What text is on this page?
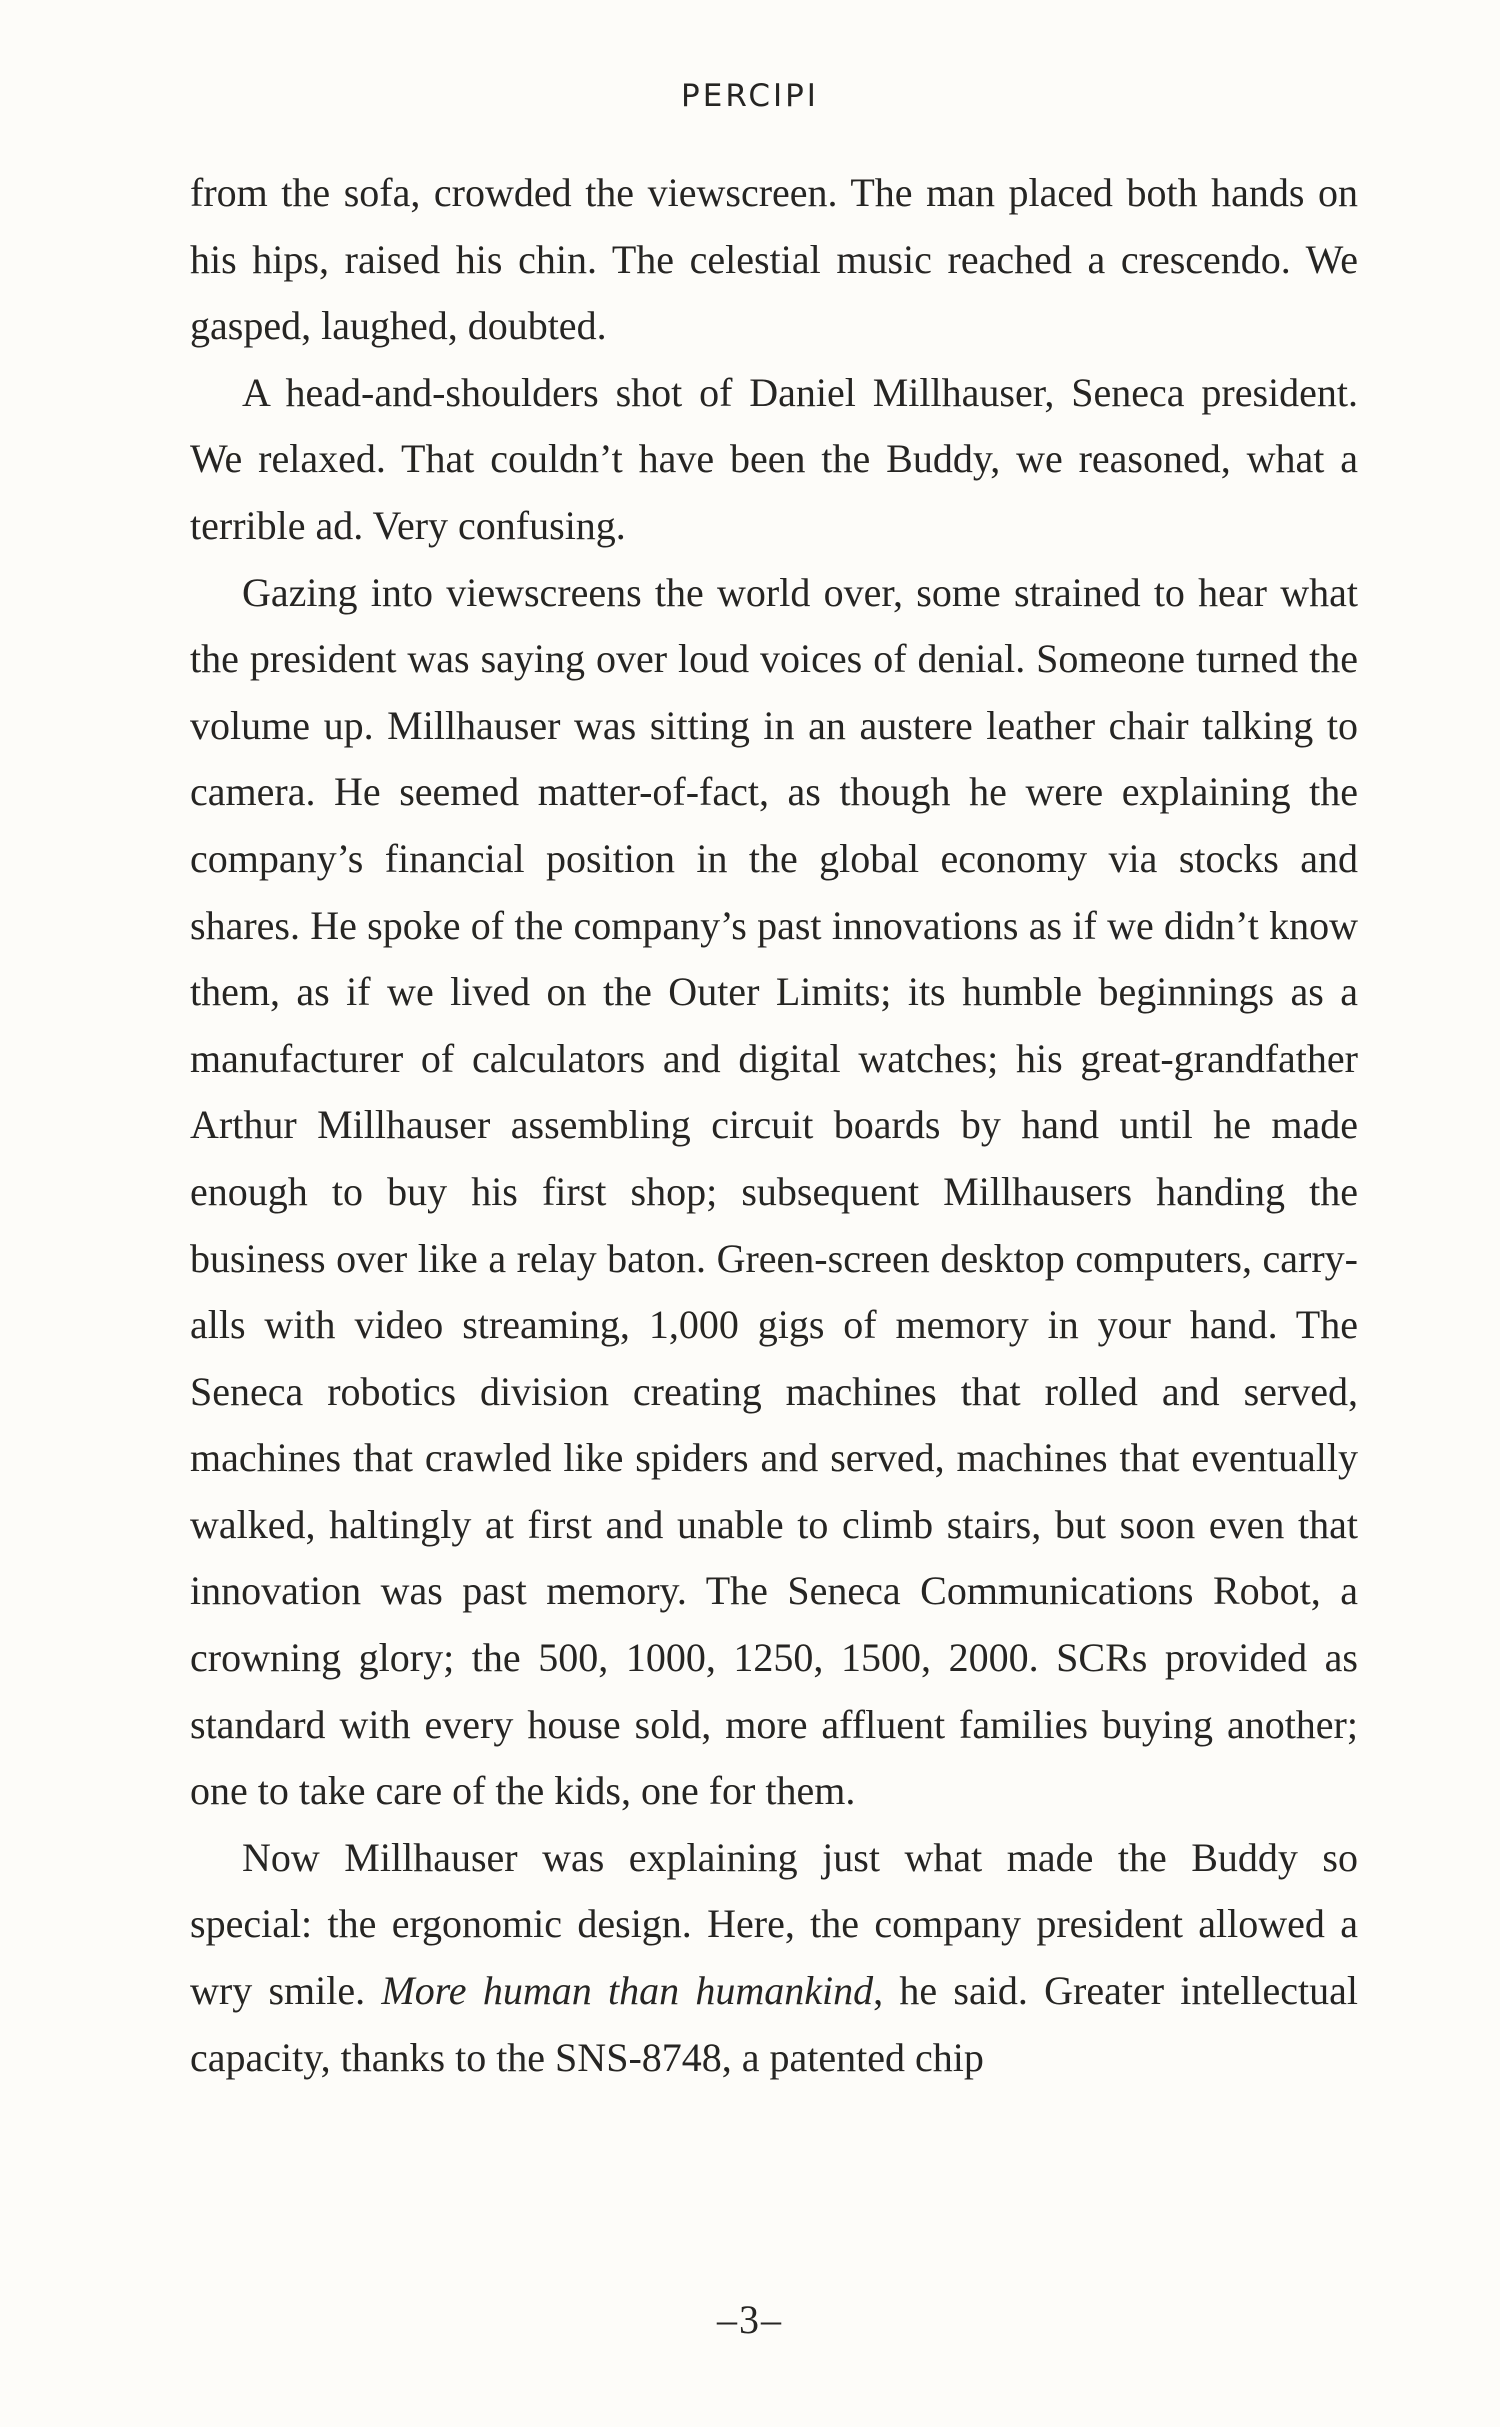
PERCIPI

from the sofa, crowded the viewscreen. The man placed both hands on his hips, raised his chin. The celestial music reached a crescendo. We gasped, laughed, doubted.

A head-and-shoulders shot of Daniel Millhauser, Seneca president. We relaxed. That couldn’t have been the Buddy, we reasoned, what a terrible ad. Very confusing.

Gazing into viewscreens the world over, some strained to hear what the president was saying over loud voices of denial. Someone turned the volume up. Millhauser was sitting in an austere leather chair talking to camera. He seemed matter-of-fact, as though he were explaining the company’s financial position in the global economy via stocks and shares. He spoke of the company’s past innovations as if we didn’t know them, as if we lived on the Outer Limits; its humble beginnings as a manufacturer of calculators and digital watches; his great-grandfather Arthur Millhauser assembling circuit boards by hand until he made enough to buy his first shop; subsequent Millhausers handing the business over like a relay baton. Green-screen desktop computers, carry-alls with video streaming, 1,000 gigs of memory in your hand. The Seneca robotics division creating machines that rolled and served, machines that crawled like spiders and served, machines that eventually walked, haltingly at first and unable to climb stairs, but soon even that innovation was past memory. The Seneca Communications Robot, a crowning glory; the 500, 1000, 1250, 1500, 2000. SCRs provided as standard with every house sold, more affluent families buying another; one to take care of the kids, one for them.

Now Millhauser was explaining just what made the Buddy so special: the ergonomic design. Here, the company president allowed a wry smile. More human than humankind, he said. Greater intellectual capacity, thanks to the SNS-8748, a patented chip

–3–
